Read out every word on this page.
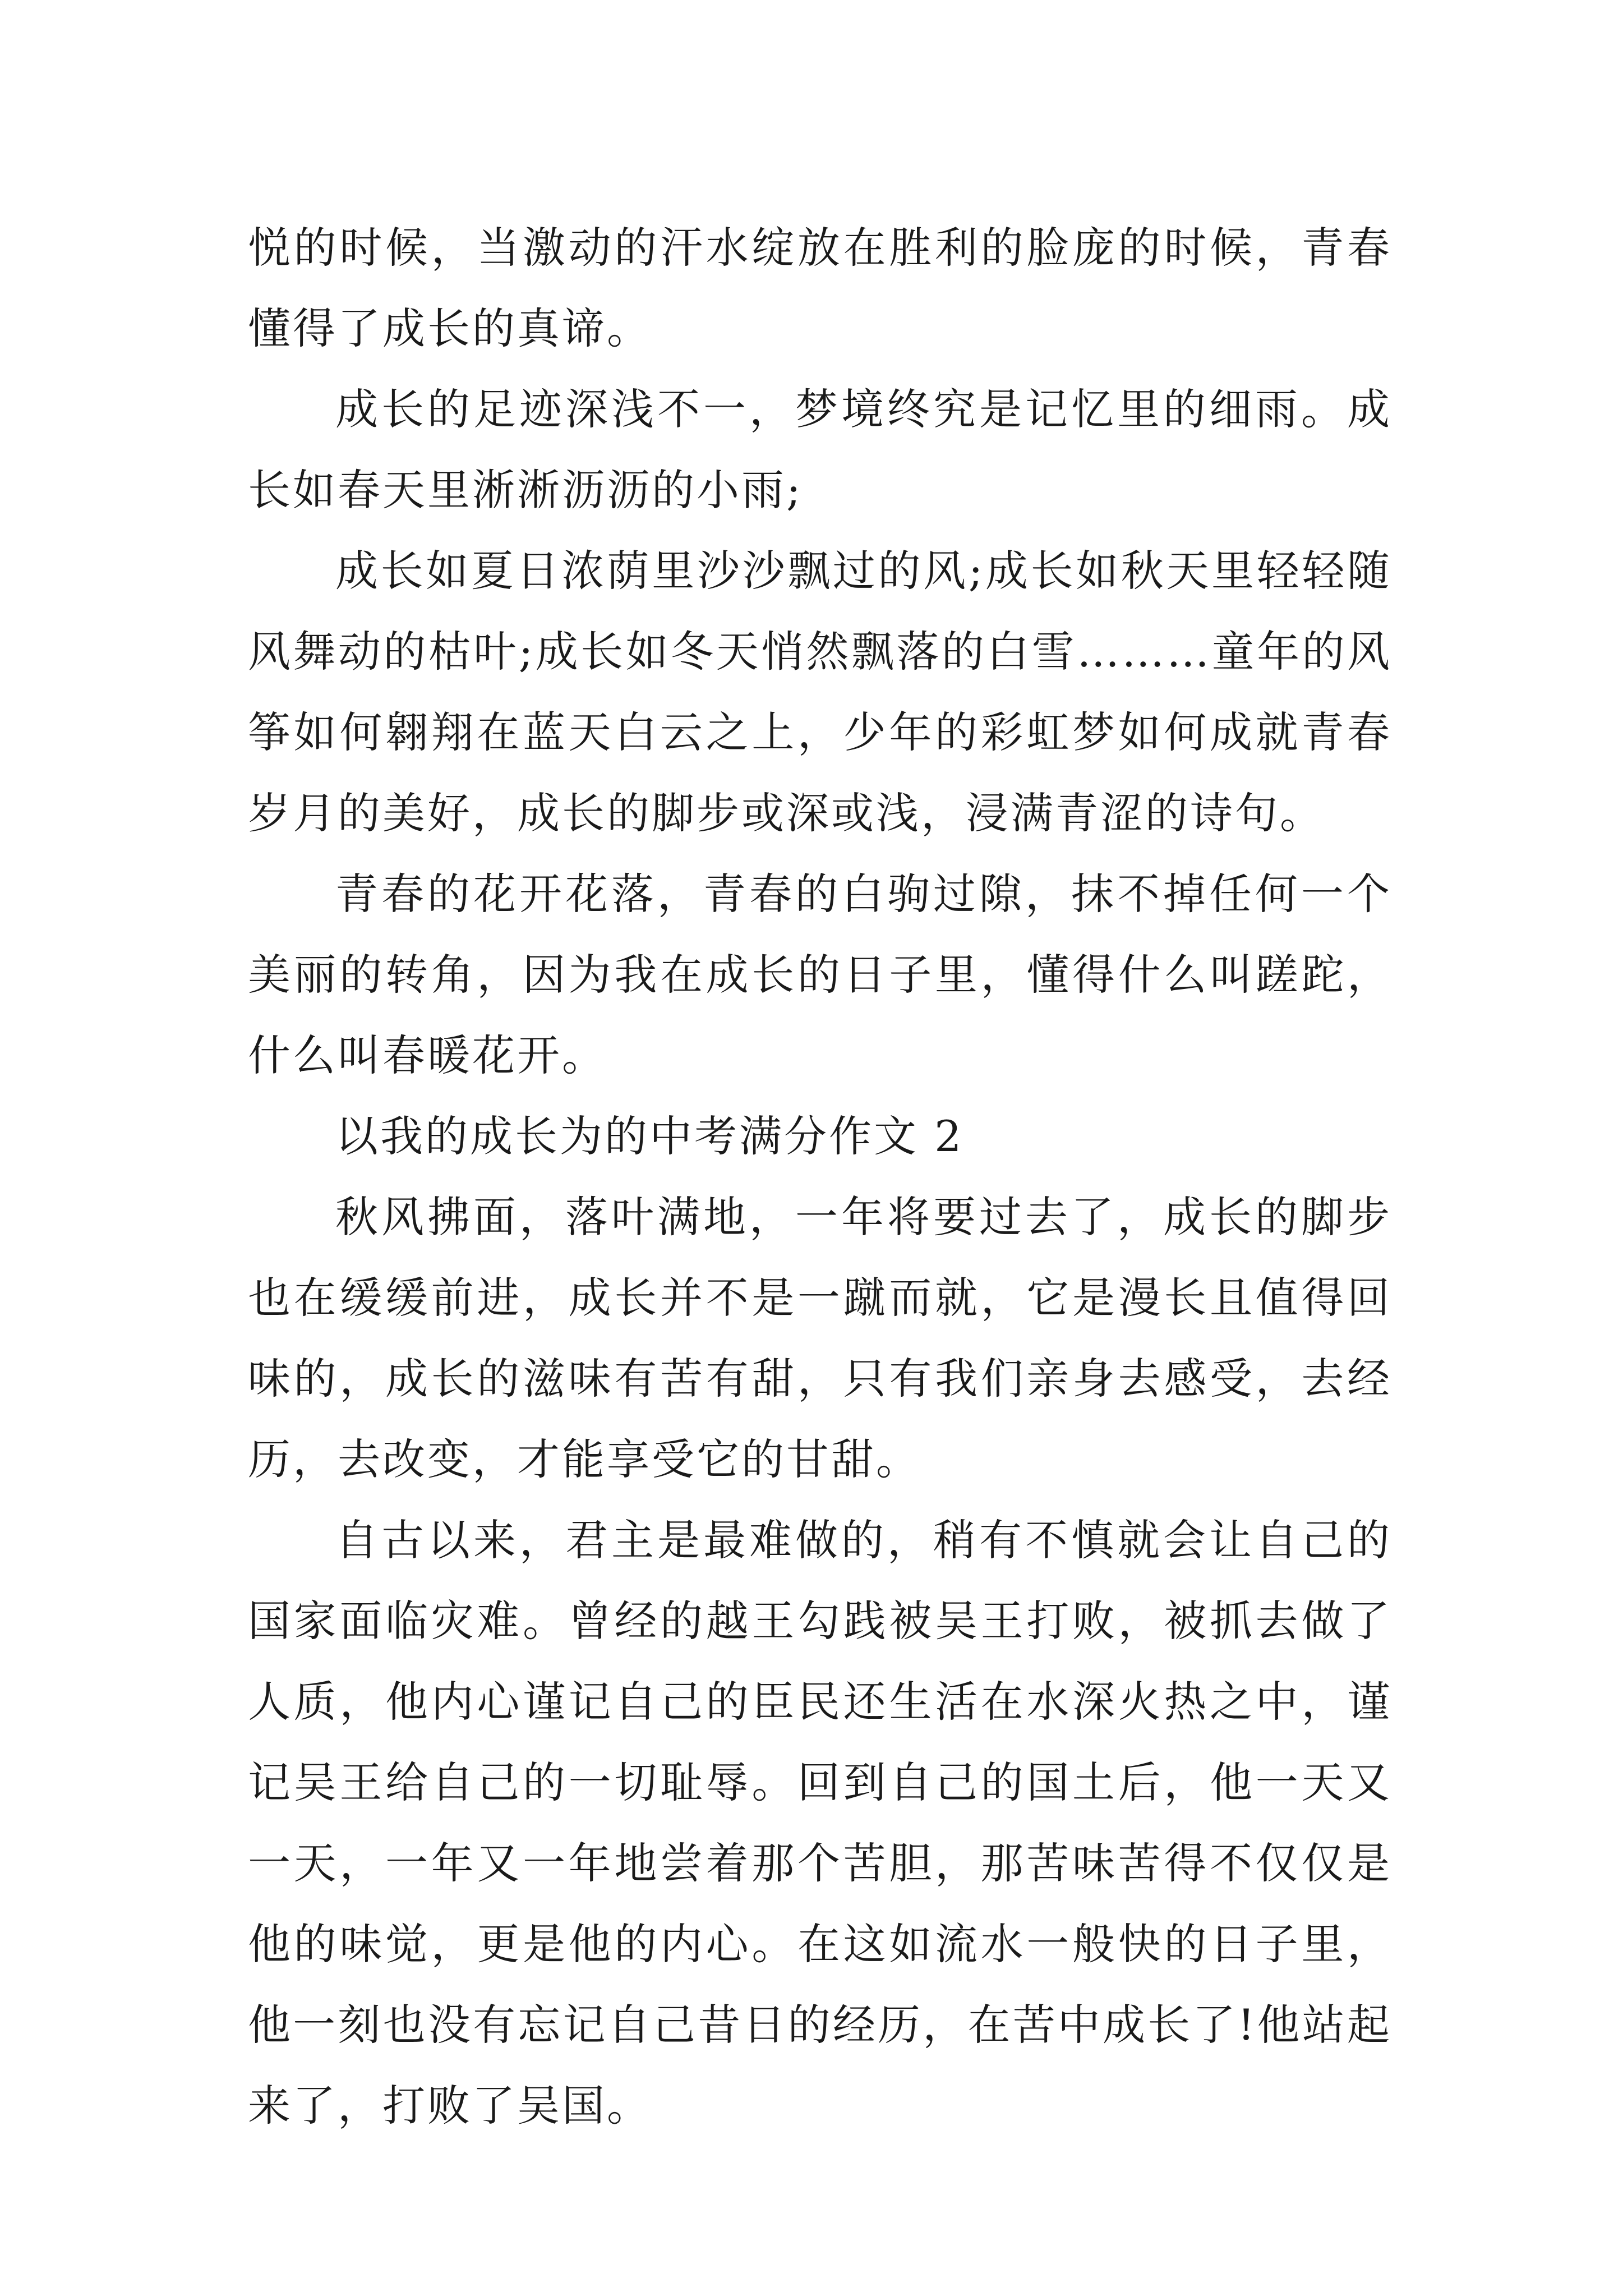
悦的时候，当激动的汗水绽放在胜利的脸庞的时候，青春懂得了成长的真谛。

成长的足迹深浅不一，梦境终究是记忆里的细雨。成长如春天里淅淅沥沥的小雨;

成长如夏日浓荫里沙沙飘过的风;成长如秋天里轻轻随风舞动的枯叶;成长如冬天悄然飘落的白雪………童年的风筝如何翱翔在蓝天白云之上，少年的彩虹梦如何成就青春岁月的美好，成长的脚步或深或浅，浸满青涩的诗句。

青春的花开花落，青春的白驹过隙，抹不掉任何一个美丽的转角，因为我在成长的日子里，懂得什么叫蹉跎，什么叫春暖花开。

以我的成长为的中考满分作文 2

秋风拂面，落叶满地，一年将要过去了，成长的脚步也在缓缓前进，成长并不是一蹴而就，它是漫长且值得回味的，成长的滋味有苦有甜，只有我们亲身去感受，去经历，去改变，才能享受它的甘甜。

自古以来，君主是最难做的，稍有不慎就会让自己的国家面临灾难。曾经的越王勾践被吴王打败，被抓去做了人质，他内心谨记自己的臣民还生活在水深火热之中，谨记吴王给自己的一切耻辱。回到自己的国土后，他一天又一天，一年又一年地尝着那个苦胆，那苦味苦得不仅仅是他的味觉，更是他的内心。在这如流水一般快的日子里，他一刻也没有忘记自己昔日的经历，在苦中成长了!他站起来了，打败了吴国。
